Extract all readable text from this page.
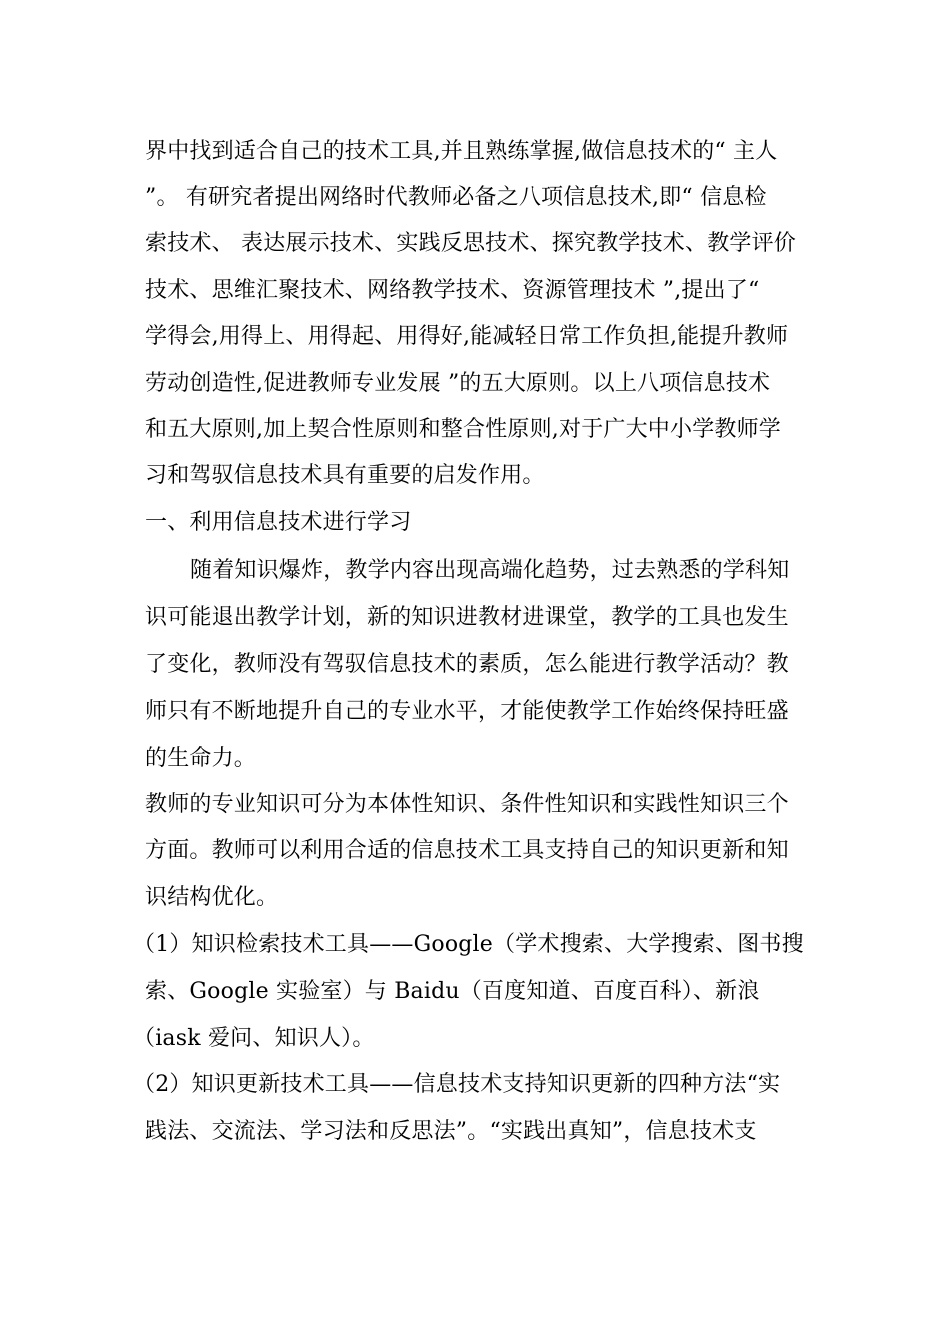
界中找到适合自己的技术工具,并且熟练掌握,做信息技术的“ 主人
”。 有研究者提出网络时代教师必备之八项信息技术,即“ 信息检
索技术、 表达展示技术、实践反思技术、探究教学技术、教学评价
技术、思维汇聚技术、网络教学技术、资源管理技术 ”,提出了“
学得会,用得上、用得起、用得好,能减轻日常工作负担,能提升教师
劳动创造性,促进教师专业发展 ”的五大原则。以上八项信息技术
和五大原则,加上契合性原则和整合性原则,对于广大中小学教师学
习和驾驭信息技术具有重要的启发作用。
一、利用信息技术进行学习
随着知识爆炸，教学内容出现高端化趋势，过去熟悉的学科知
识可能退出教学计划，新的知识进教材进课堂，教学的工具也发生
了变化，教师没有驾驭信息技术的素质，怎么能进行教学活动？教
师只有不断地提升自己的专业水平，才能使教学工作始终保持旺盛
的生命力。
教师的专业知识可分为本体性知识、条件性知识和实践性知识三个
方面。教师可以利用合适的信息技术工具支持自己的知识更新和知
识结构优化。
（1）知识检索技术工具——Google（学术搜索、大学搜索、图书搜
索、Google 实验室）与 Baidu（百度知道、百度百科）、新浪
（iask 爱问、知识人）。
（2）知识更新技术工具——信息技术支持知识更新的四种方法“实
践法、交流法、学习法和反思法”。“实践出真知”，信息技术支
